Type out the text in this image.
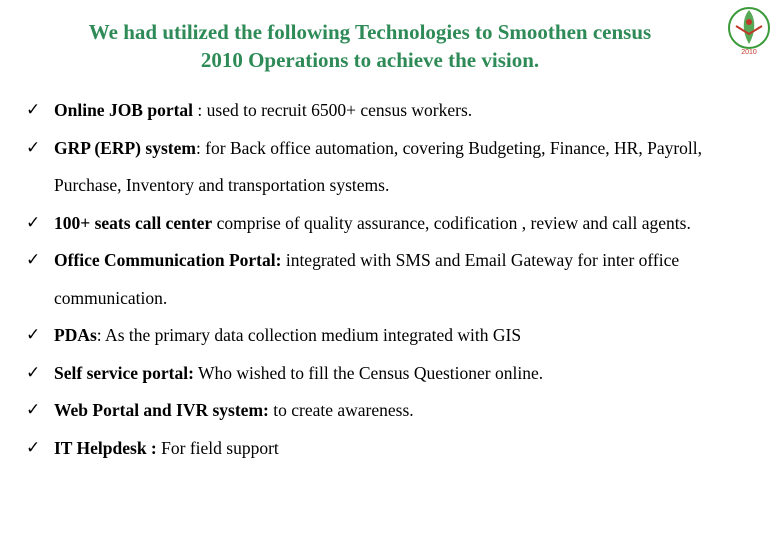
We had utilized the following Technologies to Smoothen census
2010 Operations to achieve the vision.	2010
✓ Online JOB portal : used to recruit 6500+ census workers.
✓ GRP (ERP) system: for Back office automation, covering Budgeting, Finance, HR, Payroll, Purchase, Inventory and transportation systems.
✓ 100+ seats call center comprise of quality assurance, codification , review and call agents.
✓ Office Communication Portal: integrated with SMS and Email Gateway for inter office communication.
✓ PDAs: As the primary data collection medium integrated with GIS
✓ Self service portal: Who wished to fill the Census Questioner online.
✓ Web Portal and IVR system: to create awareness.
✓ IT Helpdesk : For field support
